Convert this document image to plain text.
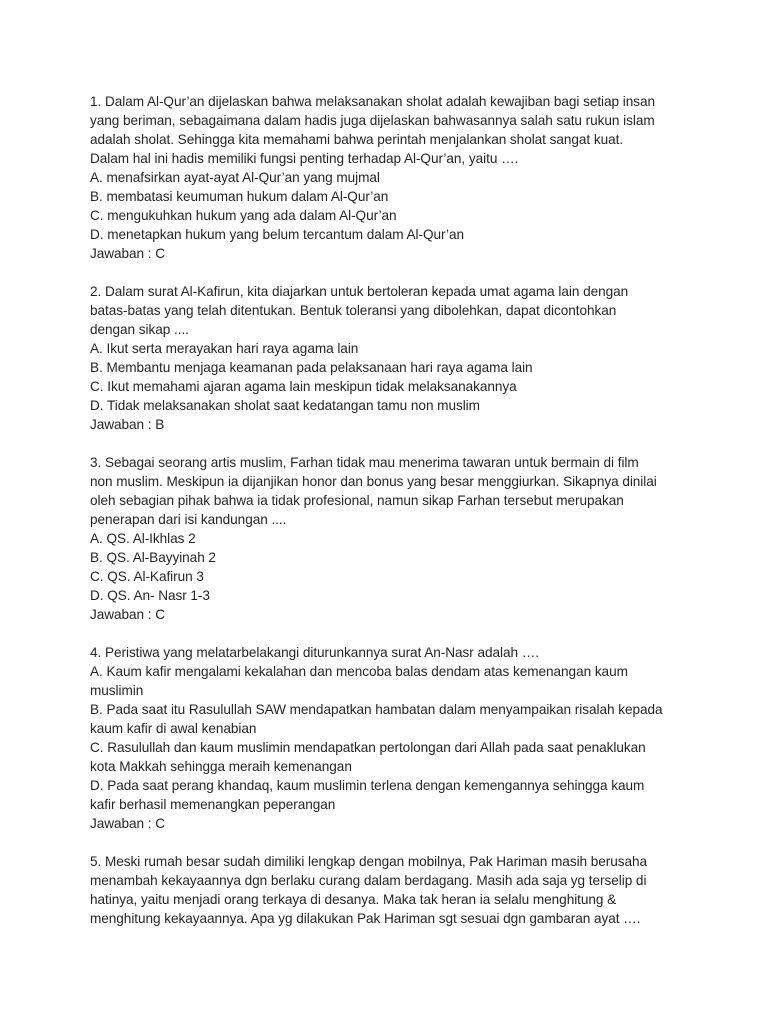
1. Dalam Al-Qur’an dijelaskan bahwa melaksanakan sholat adalah kewajiban bagi setiap insan
yang beriman, sebagaimana dalam hadis juga dijelaskan bahwasannya salah satu rukun islam
adalah sholat. Sehingga kita memahami bahwa perintah menjalankan sholat sangat kuat.
Dalam hal ini hadis memiliki fungsi penting terhadap Al-Qur’an, yaitu ….

A. menafsirkan ayat-ayat Al-Qur’an yang mujmal
B. membatasi keumuman hukum dalam Al-Qur’an
C. mengukuhkan hukum yang ada dalam Al-Qur’an
D. menetapkan hukum yang belum tercantum dalam Al-Qur’an

Jawaban : C

2. Dalam surat Al-Kafirun, kita diajarkan untuk bertoleran kepada umat agama lain dengan
batas-batas yang telah ditentukan. Bentuk toleransi yang dibolehkan, dapat dicontohkan
dengan sikap ....

A. Ikut serta merayakan hari raya agama lain
B. Membantu menjaga keamanan pada pelaksanaan hari raya agama lain
C. Ikut memahami ajaran agama lain meskipun tidak melaksanakannya
D. Tidak melaksanakan sholat saat kedatangan tamu non muslim

Jawaban : B

3. Sebagai seorang artis muslim, Farhan tidak mau menerima tawaran untuk bermain di film
non muslim. Meskipun ia dijanjikan honor dan bonus yang besar menggiurkan. Sikapnya dinilai
oleh sebagian pihak bahwa ia tidak profesional, namun sikap Farhan tersebut merupakan
penerapan dari isi kandungan ....

A. QS. Al-Ikhlas 2
B. QS. Al-Bayyinah 2
C. QS. Al-Kafirun 3
D. QS. An- Nasr 1-3

Jawaban : C

4. Peristiwa yang melatarbelakangi diturunkannya surat An-Nasr adalah ….

A. Kaum kafir mengalami kekalahan dan mencoba balas dendam atas kemenangan kaum
muslimin
B. Pada saat itu Rasulullah SAW mendapatkan hambatan dalam menyampaikan risalah kepada
kaum kafir di awal kenabian
C. Rasulullah dan kaum muslimin mendapatkan pertolongan dari Allah pada saat penaklukan
kota Makkah sehingga meraih kemenangan
D. Pada saat perang khandaq, kaum muslimin terlena dengan kemengannya sehingga kaum
kafir berhasil memenangkan peperangan

Jawaban : C

5. Meski rumah besar sudah dimiliki lengkap dengan mobilnya, Pak Hariman masih berusaha
menambah kekayaannya dgn berlaku curang dalam berdagang. Masih ada saja yg terselip di
hatinya, yaitu menjadi orang terkaya di desanya. Maka tak heran ia selalu menghitung &
menghitung kekayaannya. Apa yg dilakukan Pak Hariman sgt sesuai dgn gambaran ayat ….
